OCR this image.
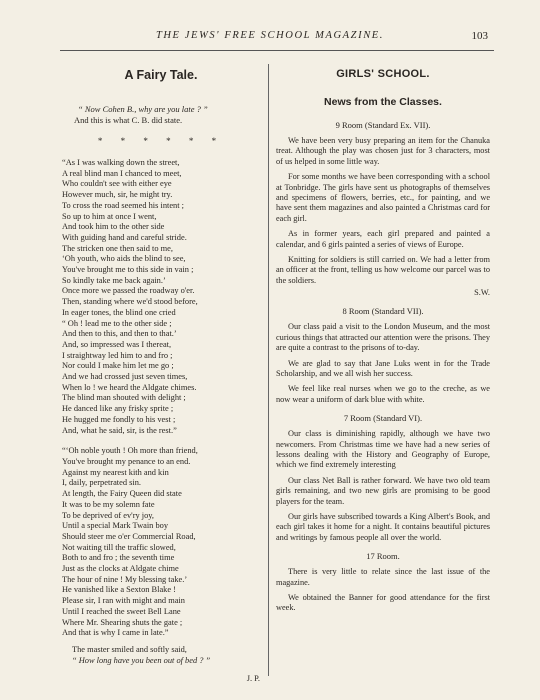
THE JEWS' FREE SCHOOL MAGAZINE.	103
A Fairy Tale.
“ Now Cohen B., why are you late ? ”
And this is what C. B. did state.
* * * * * *
“As I was walking down the street,
A real blind man I chanced to meet,
Who couldn't see with either eye
However much, sir, he might try.
To cross the road seemed his intent ;
So up to him at once I went,
And took him to the other side
With guiding hand and careful stride.
The stricken one then said to me,
‘Oh youth, who aids the blind to see,
You've brought me to this side in vain ;
So kindly take me back again.’
Once more we passed the roadway o'er.
Then, standing where we'd stood before,
In eager tones, the blind one cried
“ Oh ! lead me to the other side ;
And then to this, and then to that.’
And, so impressed was I thereat,
I straightway led him to and fro ;
Nor could I make him let me go ;
And we had crossed just seven times,
When lo ! we heard the Aldgate chimes.
The blind man shouted with delight ;
He danced like any frisky sprite ;
He hugged me fondly to his vest ;
And, what he said, sir, is the rest.”
“‘Oh noble youth ! Oh more than friend,
You've brought my penance to an end.
Against my nearest kith and kin
I, daily, perpetrated sin.
At length, the Fairy Queen did state
It was to be my solemn fate
To be deprived of ev'ry joy,
Until a special Mark Twain boy
Should steer me o'er Commercial Road,
Not waiting till the traffic slowed,
Both to and fro ; the seventh time
Just as the clocks at Aldgate chime
The hour of nine ! My blessing take.’
He vanished like a Sexton Blake !
Please sir, I ran with might and main
Until I reached the sweet Bell Lane
Where Mr. Shearing shuts the gate ;
And that is why I came in late.”
The master smiled and softly said,
“ How long have you been out of bed ? ”
J. P.
GIRLS' SCHOOL.
News from the Classes.
9 Room (Standard Ex. VII).

We have been very busy preparing an item for the Chanuka treat. Although the play was chosen just for 3 characters, most of us helped in some little way.

For some months we have been corresponding with a school at Tonbridge. The girls have sent us photographs of themselves and specimens of flowers, berries, etc., for painting, and we have sent them magazines and also painted a Christmas card for each girl.

As in former years, each girl prepared and painted a calendar, and 6 girls painted a series of views of Europe.

Knitting for soldiers is still carried on. We had a letter from an officer at the front, telling us how welcome our parcel was to the soldiers.

S.W.
8 Room (Standard VII).

Our class paid a visit to the London Museum, and the most curious things that attracted our attention were the prisons. They are quite a contrast to the prisons of to-day.

We are glad to say that Jane Luks went in for the Trade Scholarship, and we all wish her success.

We feel like real nurses when we go to the creche, as we now wear a uniform of dark blue with white.

7 Room (Standard VI).

Our class is diminishing rapidly, although we have two newcomers. From Christmas time we have had a new series of lessons dealing with the History and Geography of Europe, which we find extremely interesting

Our class Net Ball is rather forward. We have two old team girls remaining, and two new girls are promising to be good players for the team.

Our girls have subscribed towards a King Albert's Book, and each girl takes it home for a night. It contains beautiful pictures and writings by famous people all over the world.

17 Room.

There is very little to relate since the last issue of the magazine.

We obtained the Banner for good attendance for the first week.
